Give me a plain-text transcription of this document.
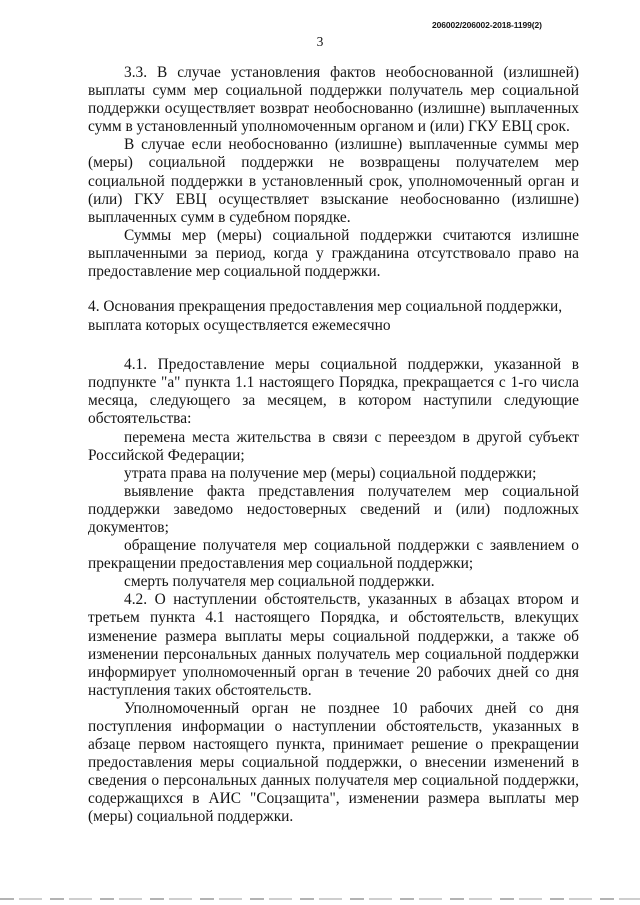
206002/206002-2018-1199(2)
3

3.3. В случае установления фактов необоснованной (излишней) выплаты сумм мер социальной поддержки получатель мер социальной поддержки осуществляет возврат необоснованно (излишне) выплаченных сумм в установленный уполномоченным органом и (или) ГКУ ЕВЦ срок.

В случае если необоснованно (излишне) выплаченные суммы мер (меры) социальной поддержки не возвращены получателем мер социальной поддержки в установленный срок, уполномоченный орган и (или) ГКУ ЕВЦ осуществляет взыскание необоснованно (излишне) выплаченных сумм в судебном порядке.

Суммы мер (меры) социальной поддержки считаются излишне выплаченными за период, когда у гражданина отсутствовало право на предоставление мер социальной поддержки.

4. Основания прекращения предоставления мер социальной поддержки,
выплата которых осуществляется ежемесячно

4.1. Предоставление меры социальной поддержки, указанной в подпункте "а" пункта 1.1 настоящего Порядка, прекращается с 1-го числа месяца, следующего за месяцем, в котором наступили следующие обстоятельства:

перемена места жительства в связи с переездом в другой субъект Российской Федерации;

утрата права на получение мер (меры) социальной поддержки;

выявление факта представления получателем мер социальной поддержки заведомо недостоверных сведений и (или) подложных документов;

обращение получателя мер социальной поддержки с заявлением о прекращении предоставления мер социальной поддержки;

смерть получателя мер социальной поддержки.

4.2. О наступлении обстоятельств, указанных в абзацах втором и третьем пункта 4.1 настоящего Порядка, и обстоятельств, влекущих изменение размера выплаты меры социальной поддержки, а также об изменении персональных данных получатель мер социальной поддержки информирует уполномоченный орган в течение 20 рабочих дней со дня наступления таких обстоятельств.

Уполномоченный орган не позднее 10 рабочих дней со дня поступления информации о наступлении обстоятельств, указанных в абзаце первом настоящего пункта, принимает решение о прекращении предоставления меры социальной поддержки, о внесении изменений в сведения о персональных данных получателя мер социальной поддержки, содержащихся в АИС "Соцзащита", изменении размера выплаты мер (меры) социальной поддержки.
